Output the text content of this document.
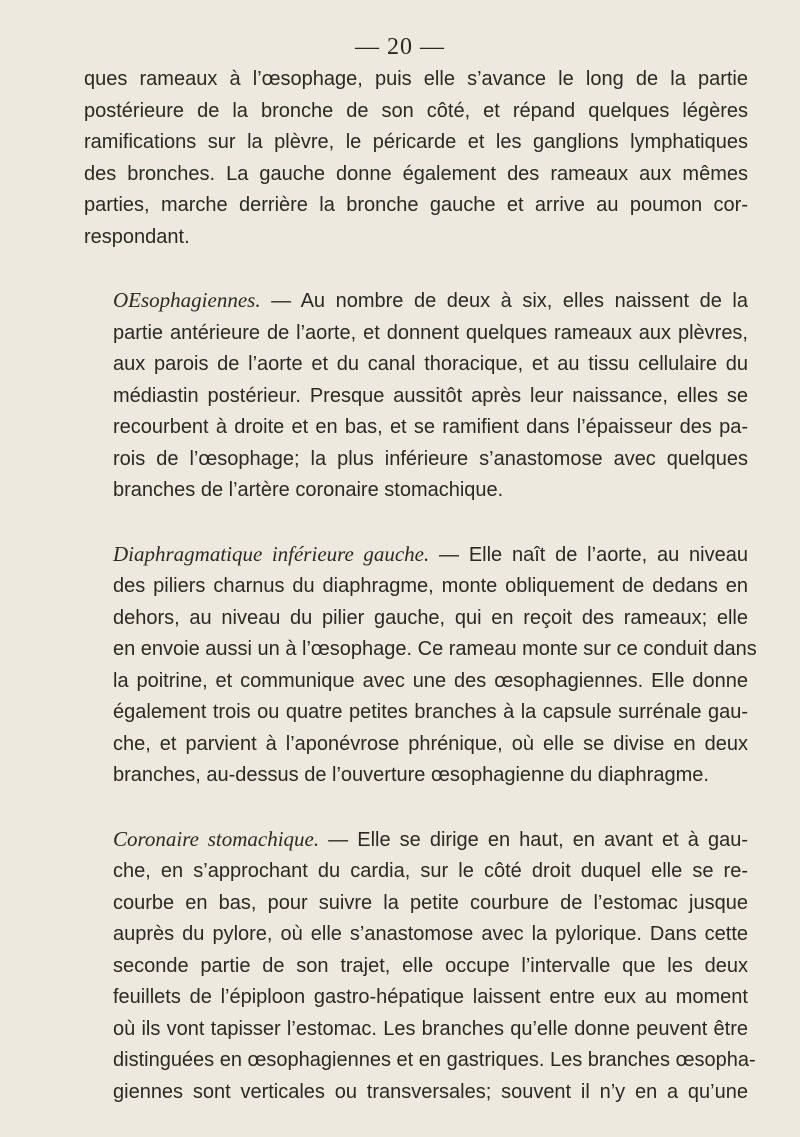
— 20 —

ques rameaux à l’œsophage, puis elle s’avance le long de la partie
postérieure de la bronche de son côté, et répand quelques légères
ramifications sur la plèvre, le péricarde et les ganglions lymphatiques
des bronches. La gauche donne également des rameaux aux mêmes
parties, marche derrière la bronche gauche et arrive au poumon cor-
respondant.

OEsophagiennes. — Au nombre de deux à six, elles naissent de la
partie antérieure de l’aorte, et donnent quelques rameaux aux plèvres,
aux parois de l’aorte et du canal thoracique, et au tissu cellulaire du
médiastin postérieur. Presque aussitôt après leur naissance, elles se
recourbent à droite et en bas, et se ramifient dans l’épaisseur des pa-
rois de l’œsophage; la plus inférieure s’anastomose avec quelques
branches de l’artère coronaire stomachique.

Diaphragmatique inférieure gauche. — Elle naît de l’aorte, au niveau
des piliers charnus du diaphragme, monte obliquement de dedans en
dehors, au niveau du pilier gauche, qui en reçoit des rameaux; elle
en envoie aussi un à l’œsophage. Ce rameau monte sur ce conduit dans
la poitrine, et communique avec une des œsophagiennes. Elle donne
également trois ou quatre petites branches à la capsule surrénale gau-
che, et parvient à l’aponévrose phrénique, où elle se divise en deux
branches, au-dessus de l’ouverture œsophagienne du diaphragme.

Coronaire stomachique. — Elle se dirige en haut, en avant et à gau-
che, en s’approchant du cardia, sur le côté droit duquel elle se re-
courbe en bas, pour suivre la petite courbure de l’estomac jusque
auprès du pylore, où elle s’anastomose avec la pylorique. Dans cette
seconde partie de son trajet, elle occupe l’intervalle que les deux
feuillets de l’épiploon gastro-hépatique laissent entre eux au moment
où ils vont tapisser l’estomac. Les branches qu’elle donne peuvent être
distinguées en œsophagiennes et en gastriques. Les branches œsopha-
giennes sont verticales ou transversales; souvent il n’y en a qu’une
